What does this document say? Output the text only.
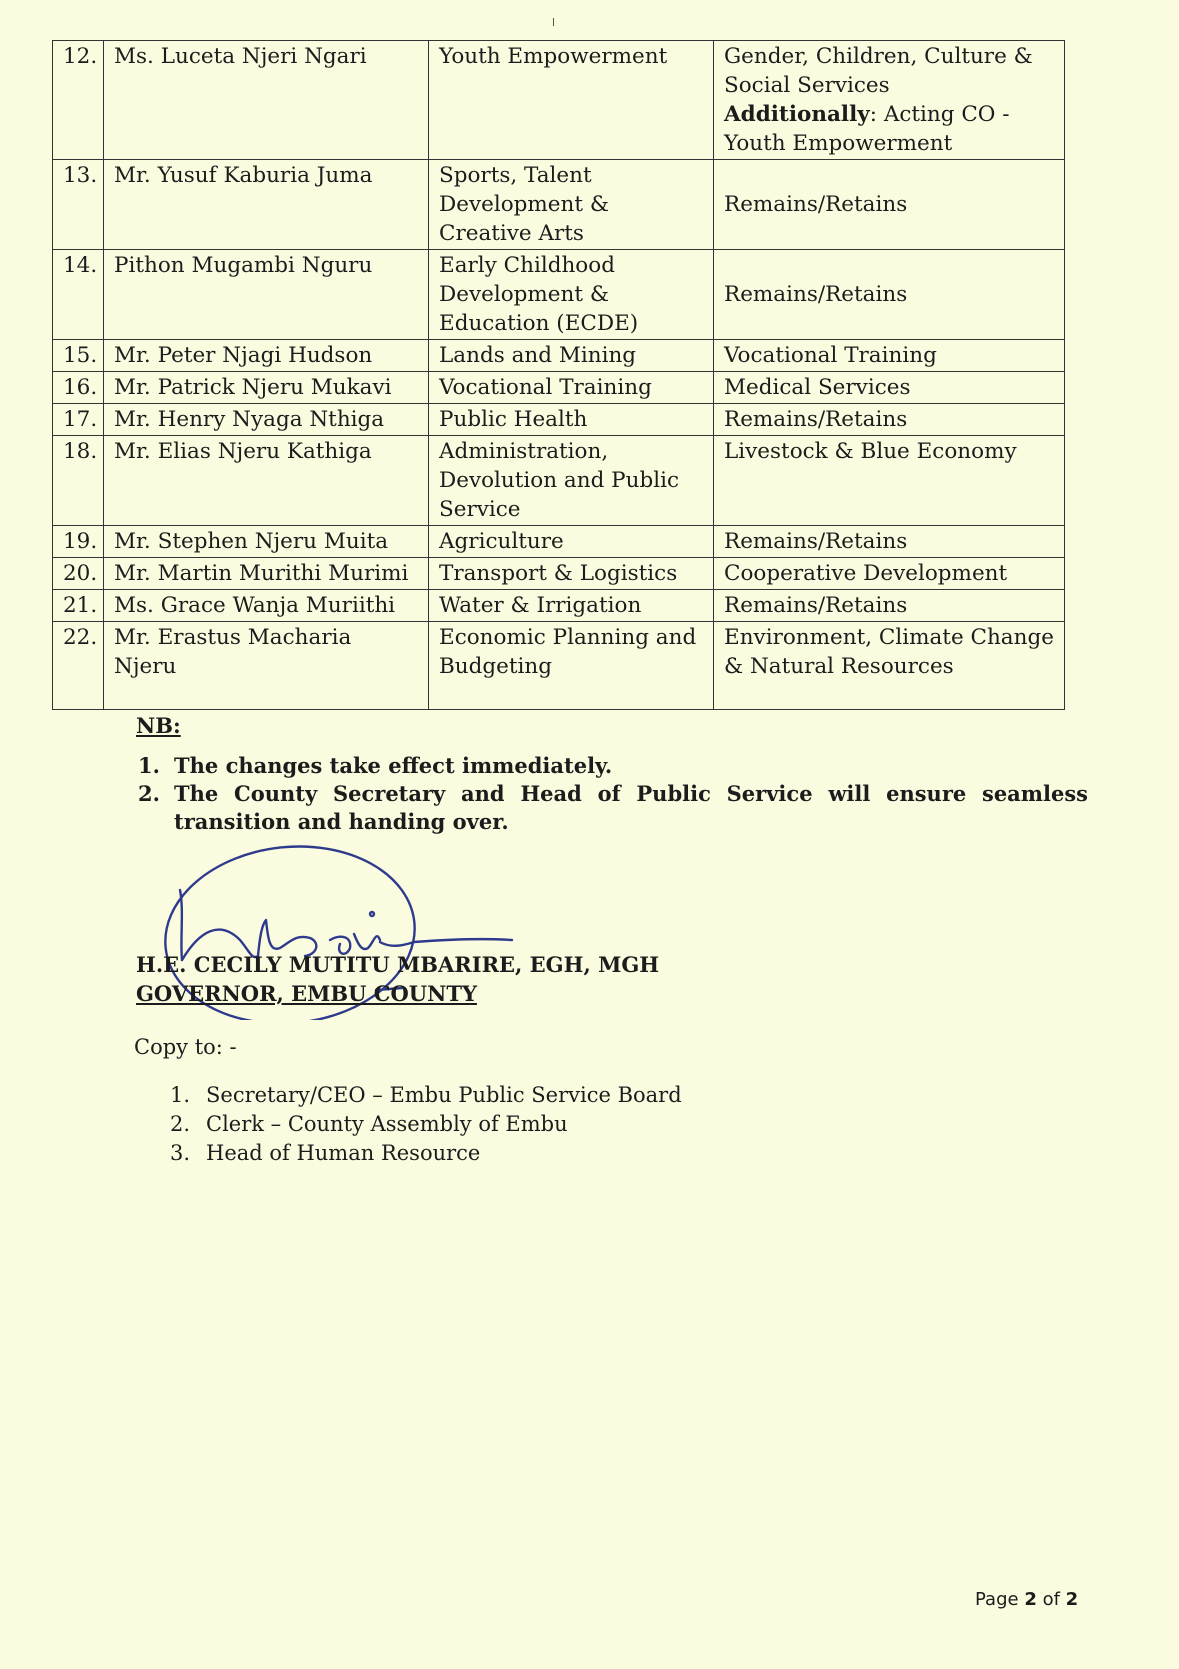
12.	Ms. Luceta Njeri Ngari	Youth Empowerment	Gender, Children, Culture & Social Services
Additionally: Acting CO - Youth Empowerment
13.	Mr. Yusuf Kaburia Juma	Sports, Talent Development & Creative Arts	Remains/Retains
14.	Pithon Mugambi Nguru	Early Childhood Development & Education (ECDE)	Remains/Retains
15.	Mr. Peter Njagi Hudson	Lands and Mining	Vocational Training
16.	Mr. Patrick Njeru Mukavi	Vocational Training	Medical Services
17.	Mr. Henry Nyaga Nthiga	Public Health	Remains/Retains
18.	Mr. Elias Njeru Kathiga	Administration, Devolution and Public Service	Livestock & Blue Economy
19.	Mr. Stephen Njeru Muita	Agriculture	Remains/Retains
20.	Mr. Martin Murithi Murimi	Transport & Logistics	Cooperative Development
21.	Ms. Grace Wanja Muriithi	Water & Irrigation	Remains/Retains
22.	Mr. Erastus Macharia Njeru	Economic Planning and Budgeting	Environment, Climate Change & Natural Resources
NB:
1. The changes take effect immediately.
2. The County Secretary and Head of Public Service will ensure seamless transition and handing over.
H.E. CECILY MUTITU MBARIRE, EGH, MGH
GOVERNOR, EMBU COUNTY
Copy to: -
1. Secretary/CEO – Embu Public Service Board
2. Clerk – County Assembly of Embu
3. Head of Human Resource
Page 2 of 2
